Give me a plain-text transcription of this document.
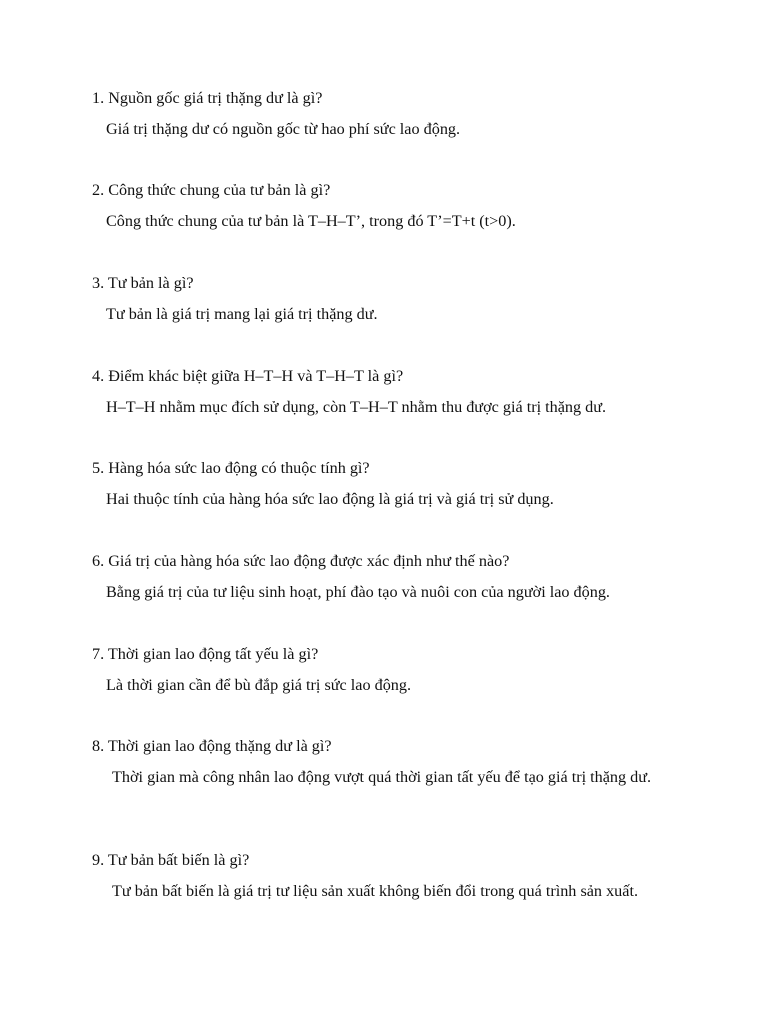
1. Nguồn gốc giá trị thặng dư là gì?

Giá trị thặng dư có nguồn gốc từ hao phí sức lao động.

2. Công thức chung của tư bản là gì?

Công thức chung của tư bản là T–H–T’, trong đó T’=T+t (t>0).

3. Tư bản là gì?

Tư bản là giá trị mang lại giá trị thặng dư.

4. Điểm khác biệt giữa H–T–H và T–H–T là gì?

H–T–H nhằm mục đích sử dụng, còn T–H–T nhằm thu được giá trị thặng dư.

5. Hàng hóa sức lao động có thuộc tính gì?

Hai thuộc tính của hàng hóa sức lao động là giá trị và giá trị sử dụng.

6. Giá trị của hàng hóa sức lao động được xác định như thế nào?

Bằng giá trị của tư liệu sinh hoạt, phí đào tạo và nuôi con của người lao động.

7. Thời gian lao động tất yếu là gì?

Là thời gian cần để bù đắp giá trị sức lao động.

8. Thời gian lao động thặng dư là gì?

Thời gian mà công nhân lao động vượt quá thời gian tất yếu để tạo giá trị thặng dư.

9. Tư bản bất biến là gì?

Tư bản bất biến là giá trị tư liệu sản xuất không biến đổi trong quá trình sản xuất.
